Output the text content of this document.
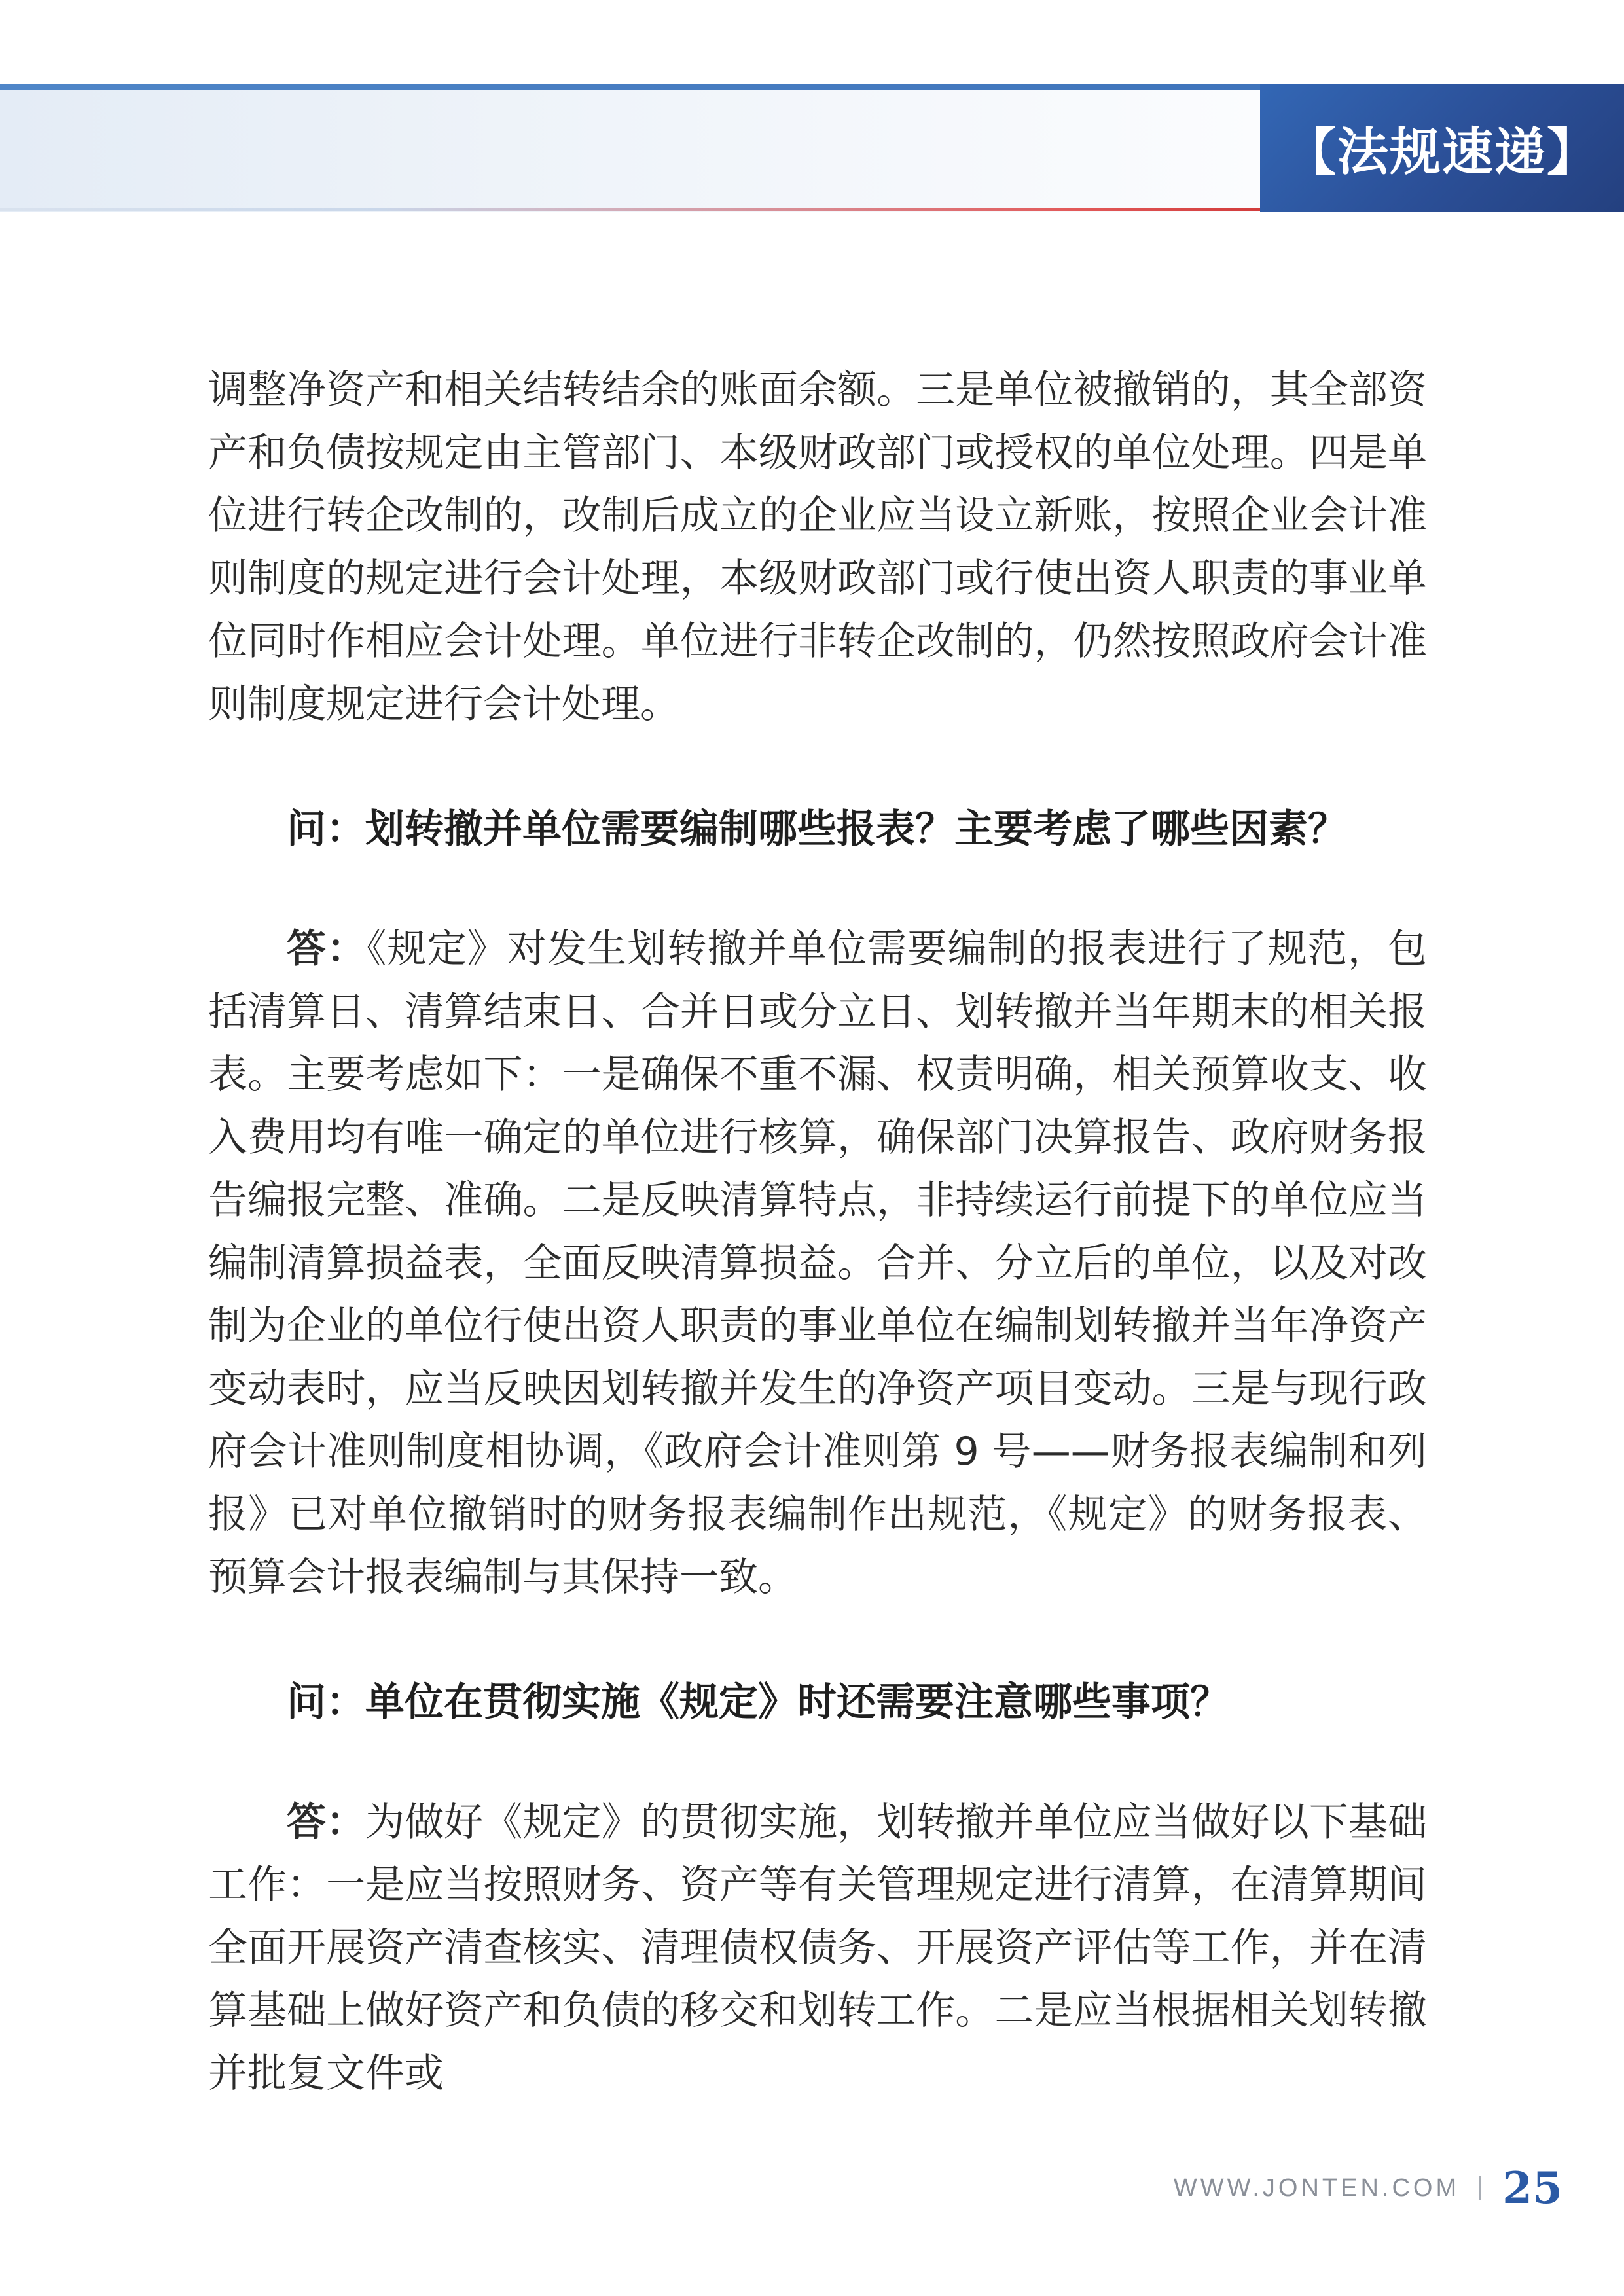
【法规速递】

调整净资产和相关结转结余的账面余额。三是单位被撤销的，其全部资产和负债按规定由主管部门、本级财政部门或授权的单位处理。四是单位进行转企改制的，改制后成立的企业应当设立新账，按照企业会计准则制度的规定进行会计处理，本级财政部门或行使出资人职责的事业单位同时作相应会计处理。单位进行非转企改制的，仍然按照政府会计准则制度规定进行会计处理。

问：划转撤并单位需要编制哪些报表？主要考虑了哪些因素？

答：《规定》对发生划转撤并单位需要编制的报表进行了规范，包括清算日、清算结束日、合并日或分立日、划转撤并当年期末的相关报表。主要考虑如下：一是确保不重不漏、权责明确，相关预算收支、收入费用均有唯一确定的单位进行核算，确保部门决算报告、政府财务报告编报完整、准确。二是反映清算特点，非持续运行前提下的单位应当编制清算损益表，全面反映清算损益。合并、分立后的单位，以及对改制为企业的单位行使出资人职责的事业单位在编制划转撤并当年净资产变动表时，应当反映因划转撤并发生的净资产项目变动。三是与现行政府会计准则制度相协调，《政府会计准则第 9 号——财务报表编制和列报》已对单位撤销时的财务报表编制作出规范，《规定》的财务报表、预算会计报表编制与其保持一致。

问：单位在贯彻实施《规定》时还需要注意哪些事项？

答：为做好《规定》的贯彻实施，划转撤并单位应当做好以下基础工作：一是应当按照财务、资产等有关管理规定进行清算，在清算期间全面开展资产清查核实、清理债权债务、开展资产评估等工作，并在清算基础上做好资产和负债的移交和划转工作。二是应当根据相关划转撤并批复文件或

WWW.JONTEN.COM 25
